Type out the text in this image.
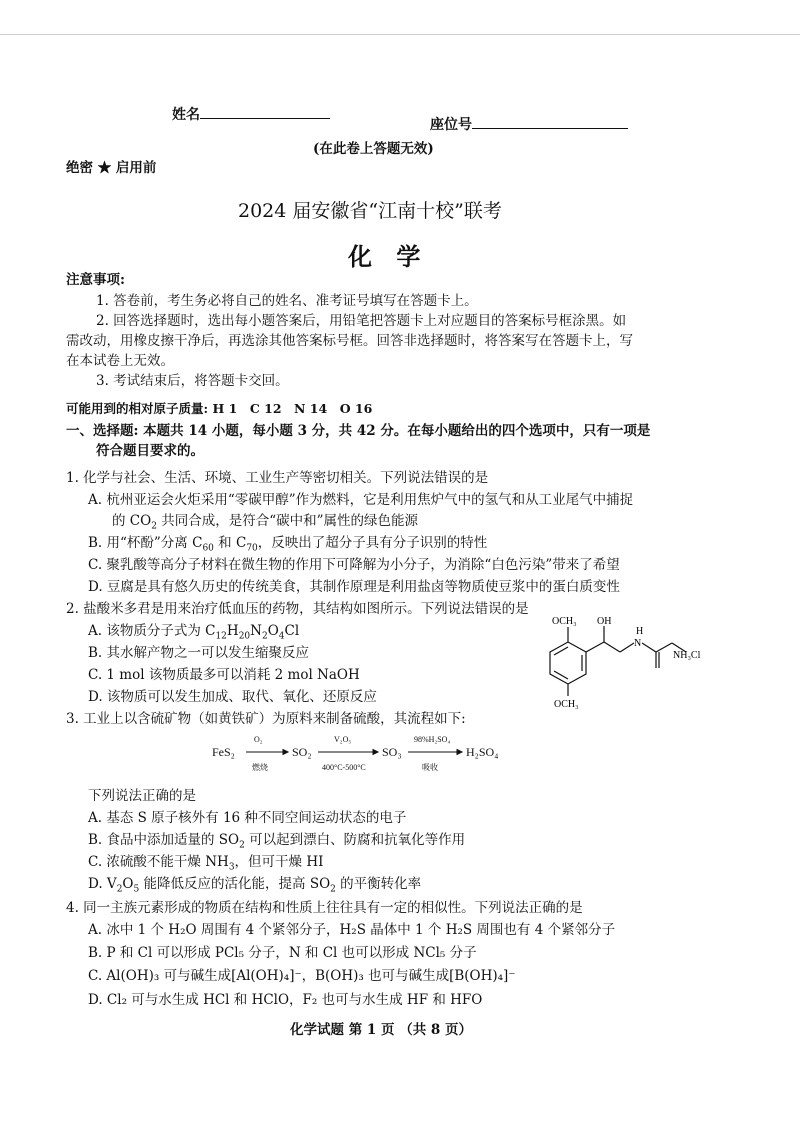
姓名
座位号
(在此卷上答题无效)
绝密 ★ 启用前
2024 届安徽省“江南十校”联考
化 学
注意事项:
1. 答卷前，考生务必将自己的姓名、准考证号填写在答题卡上。
2. 回答选择题时，选出每小题答案后，用铅笔把答题卡上对应题目的答案标号框涂黑。如
需改动，用橡皮擦干净后，再选涂其他答案标号框。回答非选择题时，将答案写在答题卡上，写
在本试卷上无效。
3. 考试结束后，将答题卡交回。
可能用到的相对原子质量: H 1　C 12　N 14　O 16
一、选择题: 本题共 14 小题，每小题 3 分，共 42 分。在每小题给出的四个选项中，只有一项是
符合题目要求的。
1. 化学与社会、生活、环境、工业生产等密切相关。下列说法错误的是
A. 杭州亚运会火炬采用“零碳甲醇”作为燃料，它是利用焦炉气中的氢气和从工业尾气中捕捉
的 $CO_2$ 共同合成，是符合“碳中和”属性的绿色能源
B. 用“杯酚”分离 $C_{60}$ 和 $C_{70}$，反映出了超分子具有分子识别的特性
C. 聚乳酸等高分子材料在微生物的作用下可降解为小分子，为消除“白色污染”带来了希望
D. 豆腐是具有悠久历史的传统美食，其制作原理是利用盐卤等物质使豆浆中的蛋白质变性
2. 盐酸米多君是用来治疗低血压的药物，其结构如图所示。下列说法错误的是
A. 该物质分子式为 $C_{12}H_{20}N_2O_4Cl$
B. 其水解产物之一可以发生缩聚反应
C. 1 mol 该物质最多可以消耗 2 mol NaOH
D. 该物质可以发生加成、取代、氧化、还原反应
OCH₃ OH
H
N
NH₃Cl
OCH₃
3. 工业上以含硫矿物（如黄铁矿）为原料来制备硫酸，其流程如下:
FeS₂
O₂
燃烧
SO₂
V₂O₅
400°C-500°C
SO₃
98%H₂SO₄
吸收
H₂SO₄
下列说法正确的是
A. 基态 S 原子核外有 16 种不同空间运动状态的电子
B. 食品中添加适量的 $SO_2$ 可以起到漂白、防腐和抗氧化等作用
C. 浓硫酸不能干燥 $NH_3$，但可干燥 HI
D. $V_2O_5$ 能降低反应的活化能，提高 $SO_2$ 的平衡转化率
4. 同一主族元素形成的物质在结构和性质上往往具有一定的相似性。下列说法正确的是
A. 冰中 1 个 H₂O 周围有 4 个紧邻分子，H₂S 晶体中 1 个 H₂S 周围也有 4 个紧邻分子
B. P 和 Cl 可以形成 PCl₅ 分子，N 和 Cl 也可以形成 NCl₅ 分子
C. Al(OH)₃ 可与碱生成[Al(OH)₄]⁻，B(OH)₃ 也可与碱生成[B(OH)₄]⁻
D. Cl₂ 可与水生成 HCl 和 HClO，F₂ 也可与水生成 HF 和 HFO
化学试题 第 1 页 （共 8 页）
